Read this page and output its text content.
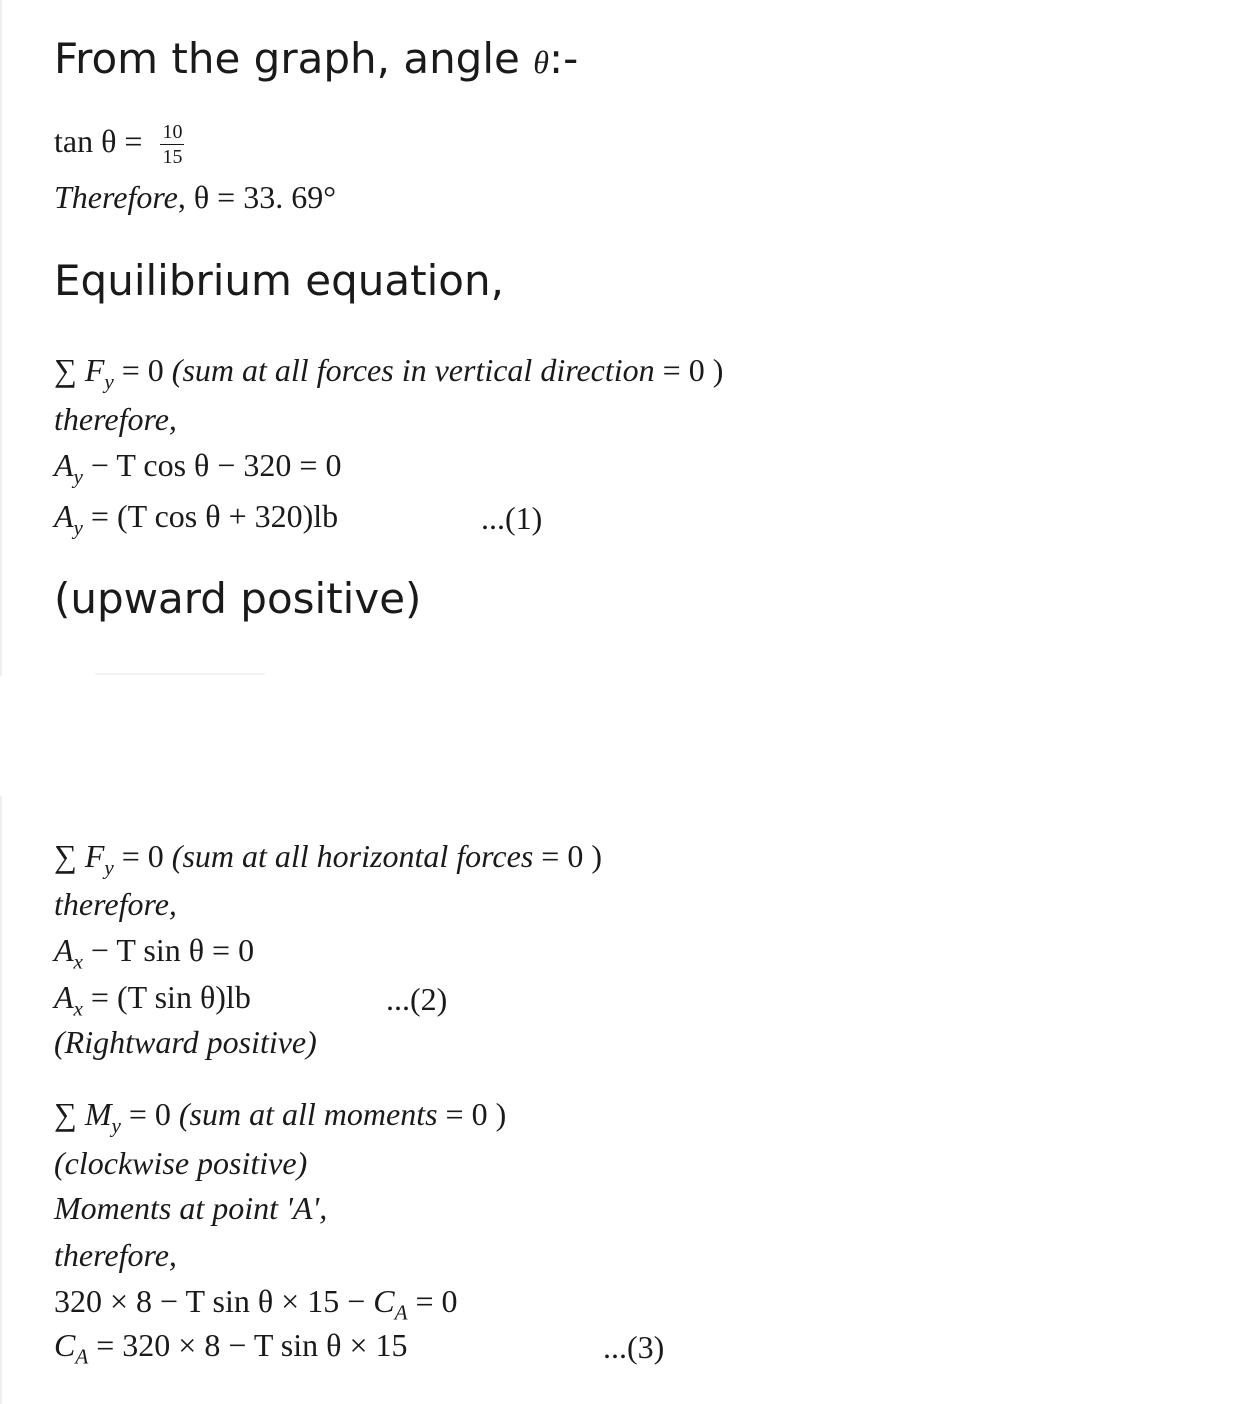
From the graph, angle θ:-
$\tan \theta = \frac{10}{15}$
Therefore, θ = 33. 69°
Equilibrium equation,
∑ $F_y = 0$ (sum at all forces in vertical direction = 0 )
therefore,
$A_y - T$ cos θ − 320 = 0
$A_y = (T$ cos θ + 320)lb	...(1)
(upward positive)
∑ $F_y = 0$ (sum at all horizontal forces = 0 )
therefore,
$A_x - T$ sin θ = 0
$A_x = (T$ sin θ)lb	...(2)
(Rightward positive)
∑ $M_y = 0$ (sum at all moments = 0 )
(clockwise positive)
Moments at point 'A',
therefore,
320 × 8 − T $\sin \theta \times 15 - C_A = 0$
$C_A = 320 \times 8 - T$ sin θ × 15	...(3)
